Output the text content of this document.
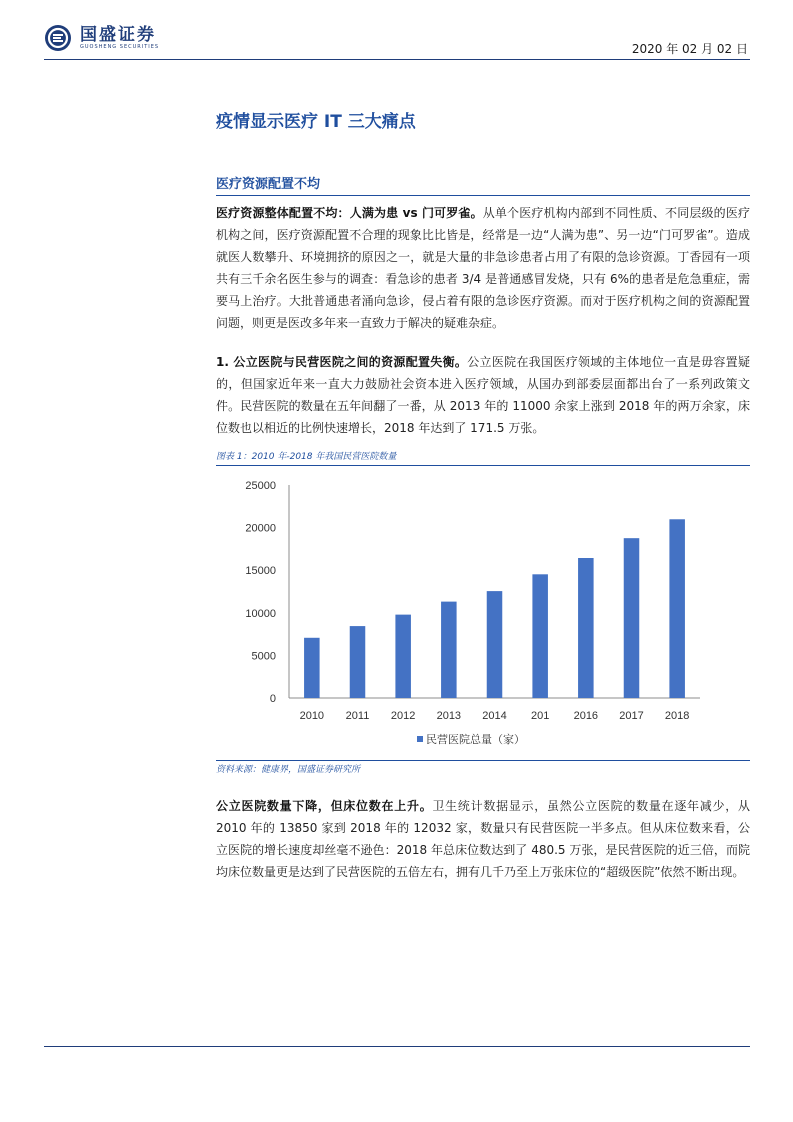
国盛证券
GUOSHENG SECURITIES	2020 年 02 月 02 日
疫情显示医疗 IT 三大痛点
医疗资源配置不均

医疗资源整体配置不均：人满为患 vs 门可罗雀。从单个医疗机构内部到不同性质、不同层级的医疗机构之间，医疗资源配置不合理的现象比比皆是，经常是一边“人满为患”、另一边“门可罗雀”。造成就医人数攀升、环境拥挤的原因之一，就是大量的非急诊患者占用了有限的急诊资源。丁香园有一项共有三千余名医生参与的调查：看急诊的患者 3/4 是普通感冒发烧，只有 6%的患者是危急重症，需要马上治疗。大批普通患者涌向急诊，侵占着有限的急诊医疗资源。而对于医疗机构之间的资源配置问题，则更是医改多年来一直致力于解决的疑难杂症。

1. 公立医院与民营医院之间的资源配置失衡。公立医院在我国医疗领域的主体地位一直是毋容置疑的，但国家近年来一直大力鼓励社会资本进入医疗领域，从国办到部委层面都出台了一系列政策文件。民营医院的数量在五年间翻了一番，从 2013 年的 11000 余家上涨到 2018 年的两万余家，床位数也以相近的比例快速增长，2018 年达到了 171.5 万张。

图表 1：2010 年-2018 年我国民营医院数量
0
5000
10000
15000
20000
25000
2010 2011 2012 2013 2014 201 2016 2017 2018
民营医院总量（家）
资料来源：健康界，国盛证券研究所

公立医院数量下降，但床位数在上升。卫生统计数据显示，虽然公立医院的数量在逐年减少，从 2010 年的 13850 家到 2018 年的 12032 家，数量只有民营医院一半多点。但从床位数来看，公立医院的增长速度却丝毫不逊色：2018 年总床位数达到了 480.5 万张，是民营医院的近三倍，而院均床位数量更是达到了民营医院的五倍左右，拥有几千乃至上万张床位的“超级医院”依然不断出现。
